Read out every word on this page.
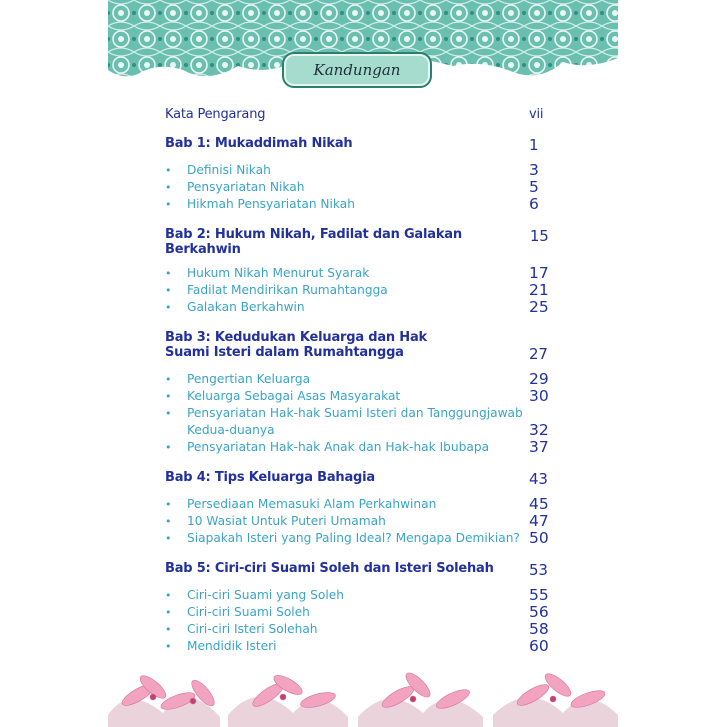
Kandungan
Kata Pengarang	vii
Bab 1: Mukaddimah Nikah	1
•	Definisi Nikah	3
•	Pensyariatan Nikah	5
•	Hikmah Pensyariatan Nikah	6
Bab 2: Hukum Nikah, Fadilat dan Galakan Berkahwin
15
•	Hukum Nikah Menurut Syarak	17
•	Fadilat Mendirikan Rumahtangga	21
•	Galakan Berkahwin	25
Bab 3: Kedudukan Keluarga dan Hak
Suami Isteri dalam Rumahtangga	27
•	Pengertian Keluarga	29
•	Keluarga Sebagai Asas Masyarakat	30
•	Pensyariatan Hak-hak Suami Isteri dan Tanggungjawab
Kedua-duanya	32
•	Pensyariatan Hak-hak Anak dan Hak-hak Ibubapa	37
Bab 4: Tips Keluarga Bahagia	43
•	Persediaan Memasuki Alam Perkahwinan	45
•	10 Wasiat Untuk Puteri Umamah	47
•	Siapakah Isteri yang Paling Ideal? Mengapa Demikian? 50
Bab 5: Ciri-ciri Suami Soleh dan Isteri Solehah 53
•	Ciri-ciri Suami yang Soleh	55
•	Ciri-ciri Suami Soleh	56
•	Ciri-ciri Isteri Solehah	58
•	Mendidik Isteri	60
